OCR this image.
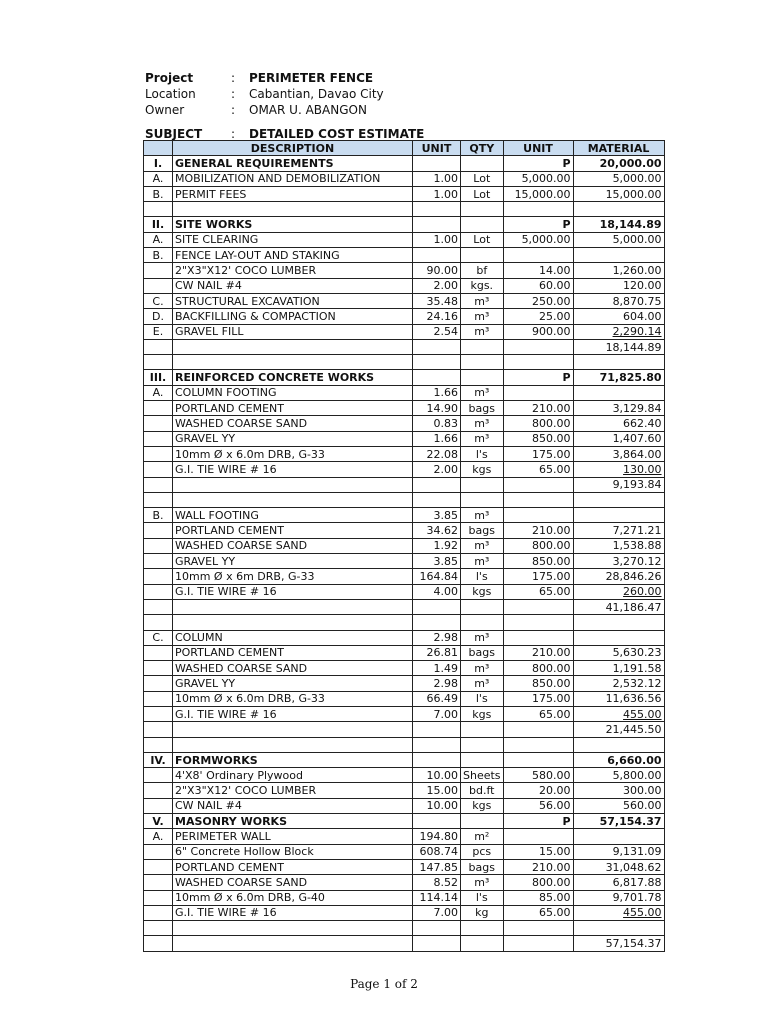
Project	: PERIMETER FENCE
Location	: Cabantian, Davao City
Owner	: OMAR U. ABANGON
SUBJECT : DETAILED COST ESTIMATE
	DESCRIPTION	UNIT	QTY	UNIT	MATERIAL
I.	GENERAL REQUIREMENTS			P	20,000.00
A.	MOBILIZATION AND DEMOBILIZATION	1.00	Lot	5,000.00	5,000.00
B.	PERMIT FEES	1.00	Lot	15,000.00	15,000.00

II.	SITE WORKS			P	18,144.89
A.	SITE CLEARING	1.00	Lot	5,000.00	5,000.00
B.	FENCE LAY-OUT AND STAKING				
	2"X3"X12' COCO LUMBER	90.00	bf	14.00	1,260.00
	CW NAIL #4	2.00	kgs.	60.00	120.00
C.	STRUCTURAL EXCAVATION	35.48	m³	250.00	8,870.75
D.	BACKFILLING & COMPACTION	24.16	m³	25.00	604.00
E.	GRAVEL FILL	2.54	m³	900.00	2,290.14
					18,144.89

III.	REINFORCED CONCRETE WORKS			P	71,825.80
A.	COLUMN FOOTING	1.66	m³		
	PORTLAND CEMENT	14.90	bags	210.00	3,129.84
	WASHED COARSE SAND	0.83	m³	800.00	662.40
	GRAVEL YY	1.66	m³	850.00	1,407.60
	10mm Ø x 6.0m DRB, G-33	22.08	l's	175.00	3,864.00
	G.I. TIE WIRE # 16	2.00	kgs	65.00	130.00
					9,193.84

B.	WALL FOOTING	3.85	m³		
	PORTLAND CEMENT	34.62	bags	210.00	7,271.21
	WASHED COARSE SAND	1.92	m³	800.00	1,538.88
	GRAVEL YY	3.85	m³	850.00	3,270.12
	10mm Ø x 6m DRB, G-33	164.84	l's	175.00	28,846.26
	G.I. TIE WIRE # 16	4.00	kgs	65.00	260.00
					41,186.47

C.	COLUMN	2.98	m³		
	PORTLAND CEMENT	26.81	bags	210.00	5,630.23
	WASHED COARSE SAND	1.49	m³	800.00	1,191.58
	GRAVEL YY	2.98	m³	850.00	2,532.12
	10mm Ø x 6.0m DRB, G-33	66.49	l's	175.00	11,636.56
	G.I. TIE WIRE # 16	7.00	kgs	65.00	455.00
					21,445.50

IV.	FORMWORKS				6,660.00
	4'X8' Ordinary Plywood	10.00	Sheets	580.00	5,800.00
	2"X3"X12' COCO LUMBER	15.00	bd.ft	20.00	300.00
	CW NAIL #4	10.00	kgs	56.00	560.00
V.	MASONRY WORKS			P	57,154.37
A.	PERIMETER WALL	194.80	m²		
	6" Concrete Hollow Block	608.74	pcs	15.00	9,131.09
	PORTLAND CEMENT	147.85	bags	210.00	31,048.62
	WASHED COARSE SAND	8.52	m³	800.00	6,817.88
	10mm Ø x 6.0m DRB, G-40	114.14	l's	85.00	9,701.78
	G.I. TIE WIRE # 16	7.00	kg	65.00	455.00

					57,154.37
Page 1 of 2
